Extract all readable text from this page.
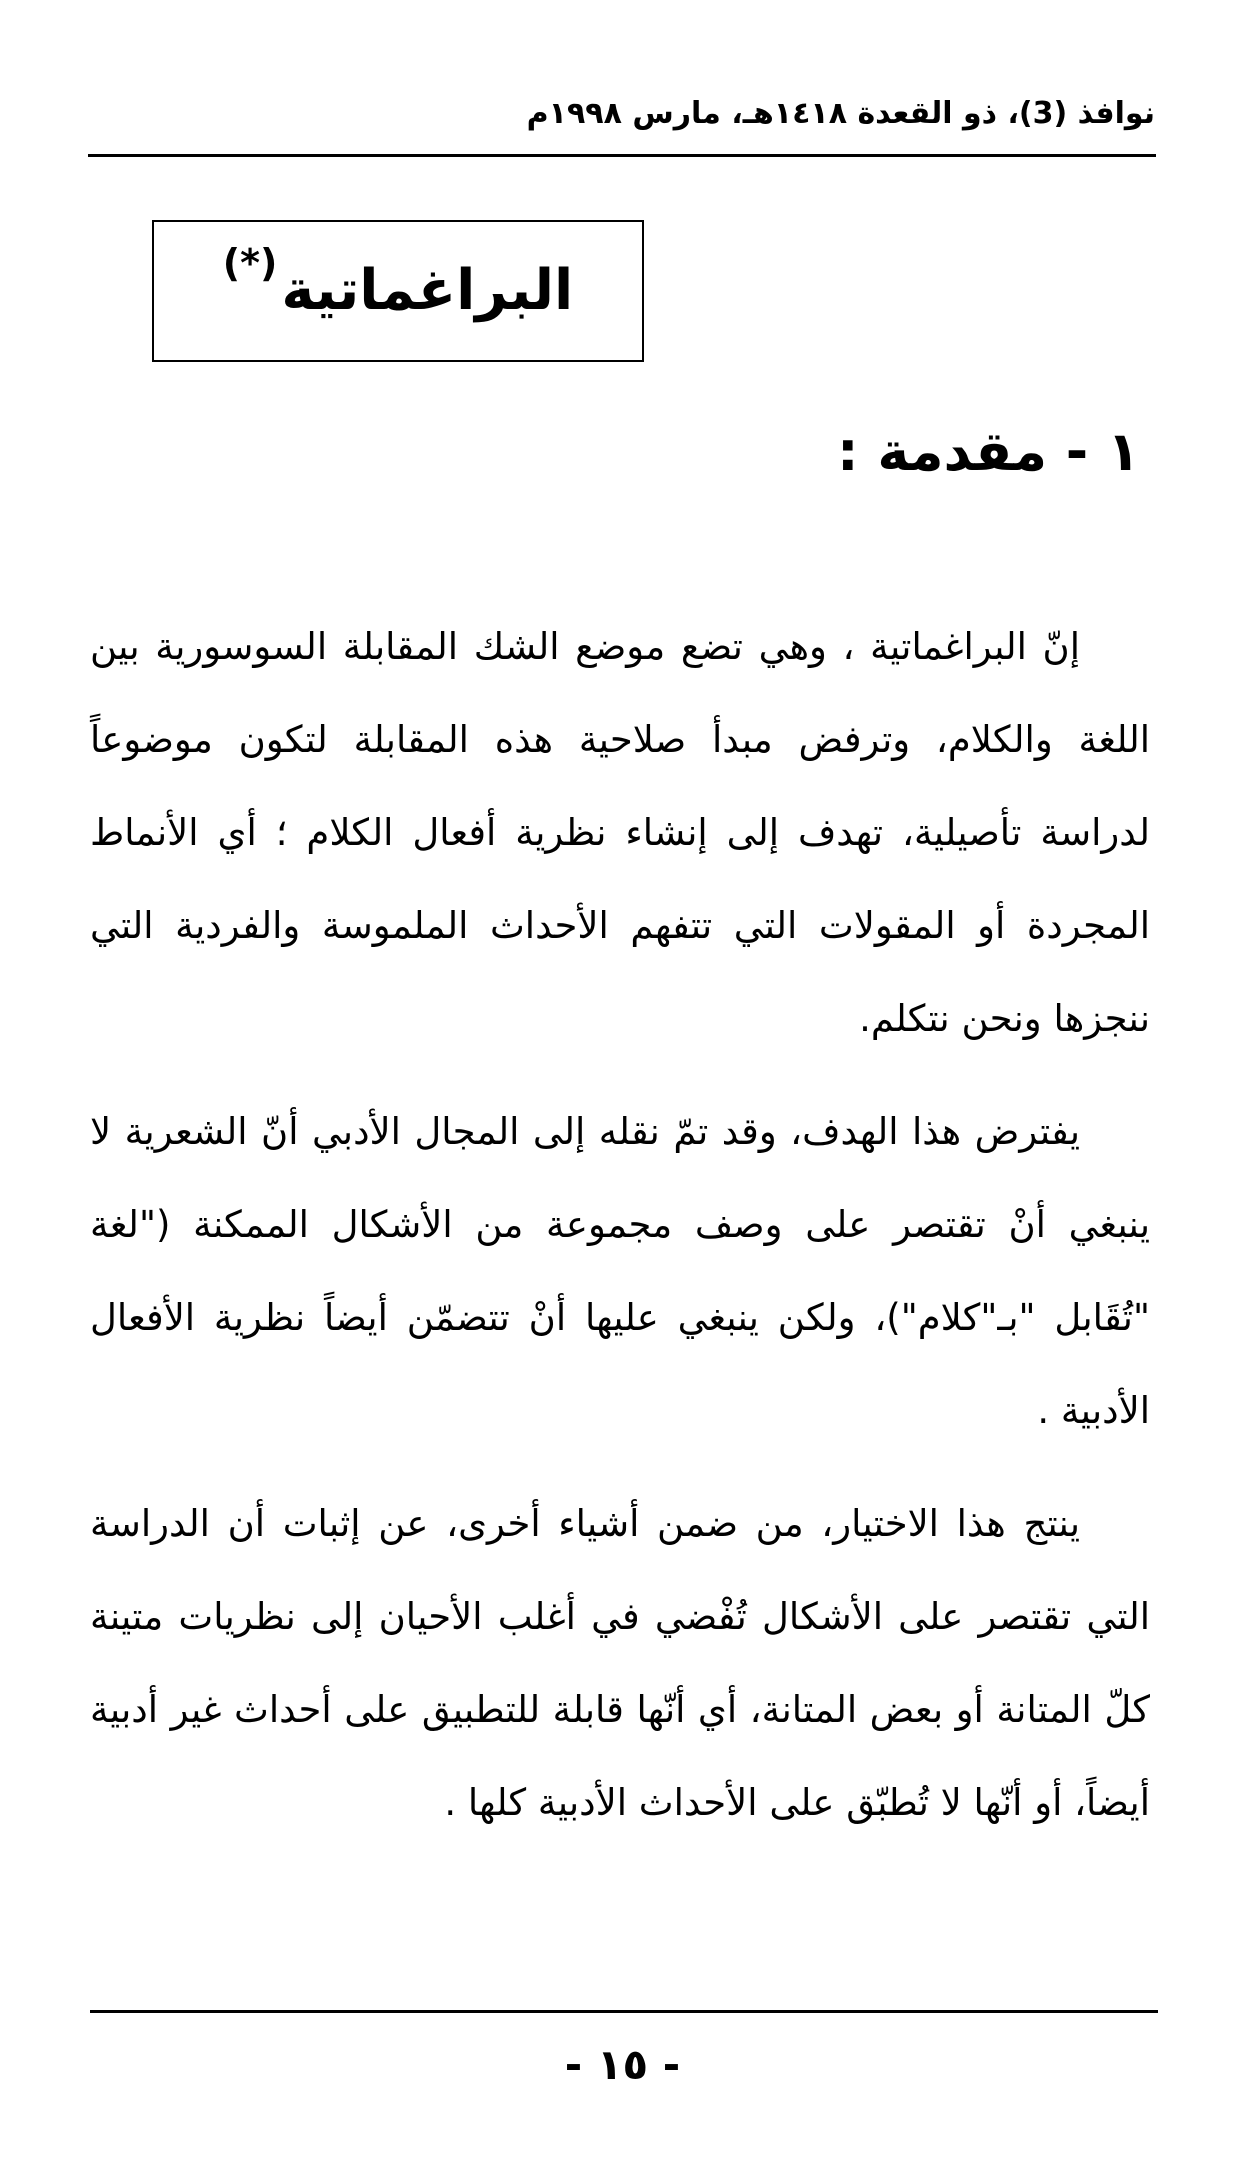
نوافذ (3)، ذو القعدة ١٤١٨هـ، مارس ١٩٩٨م
البراغماتية
(*)
١ - مقدمة :

إنّ البراغماتية ، وهي تضع موضع الشك المقابلة السوسورية بين اللغة والكلام، وترفض مبدأ صلاحية هذه المقابلة لتكون موضوعاً لدراسة تأصيلية، تهدف إلى إنشاء نظرية أفعال الكلام ؛ أي الأنماط المجردة أو المقولات التي تتفهم الأحداث الملموسة والفردية التي ننجزها ونحن نتكلم.

يفترض هذا الهدف، وقد تمّ نقله إلى المجال الأدبي أنّ الشعرية لا ينبغي أنْ تقتصر على وصف مجموعة من الأشكال الممكنة ("لغة "تُقَابل "بـ"كلام")، ولكن ينبغي عليها أنْ تتضمّن أيضاً نظرية الأفعال الأدبية .

ينتج هذا الاختيار، من ضمن أشياء أخرى، عن إثبات أن الدراسة التي تقتصر على الأشكال تُفْضي في أغلب الأحيان إلى نظريات متينة كلّ المتانة أو بعض المتانة، أي أنّها قابلة للتطبيق على أحداث غير أدبية أيضاً، أو أنّها لا تُطبّق على الأحداث الأدبية كلها .

- ١٥ -
